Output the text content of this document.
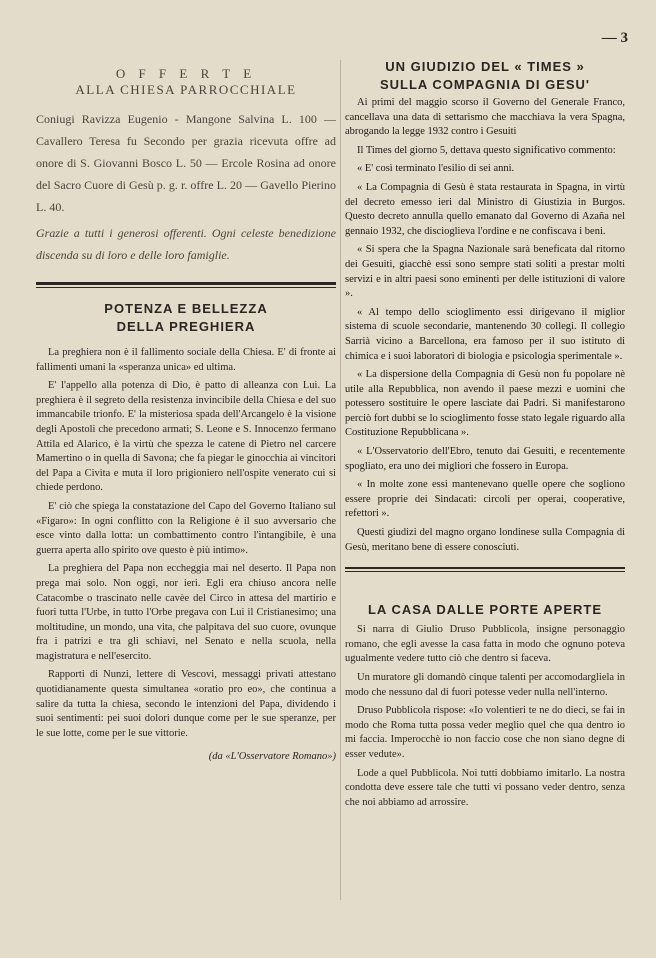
— 3
O F F E R T E
ALLA CHIESA PARROCCHIALE

Coniugi Ravizza Eugenio - Mangone Salvina L. 100 — Cavallero Teresa fu Secondo per grazia ricevuta offre ad onore di S. Giovanni Bosco L. 50 — Ercole Rosina ad onore del Sacro Cuore di Gesù p. g. r. offre L. 20 — Gavello Pierino L. 40.

Grazie a tutti i generosi offerenti. Ogni celeste benedizione discenda su di loro e delle loro famiglie.

POTENZA E BELLEZZA
DELLA PREGHIERA

La preghiera non è il fallimento sociale della Chiesa. E' di fronte ai fallimenti umani la «speranza unica» ed ultima.

E' l'appello alla potenza di Dio, è patto di alleanza con Lui. La preghiera è il segreto della resistenza invincibile della Chiesa e del suo immancabile trionfo. E' la misteriosa spada dell'Arcangelo è la visione degli Apostoli che precedono armati; S. Leone e S. Innocenzo fermano Attila ed Alarico, è la virtù che spezza le catene di Pietro nel carcere Mamertino o in quella di Savona; che fa piegar le ginocchia ai vincitori del Papa a Civita e muta il loro prigioniero nell'ospite venerato cui si chiede perdono.

E' ciò che spiega la constatazione del Capo del Governo Italiano sul «Figaro»: In ogni conflitto con la Religione è il suo avversario che esce vinto dalla lotta: un combattimento contro l'intangibile, è una guerra aperta allo spirito ove questo è più intimo».

La preghiera del Papa non eccheggia mai nel deserto. Il Papa non prega mai solo. Non oggi, nor ieri. Egli era chiuso ancora nelle Catacombe o trascinato nelle cavèe del Circo in attesa del martirio e fuori tutta l'Urbe, in tutto l'Orbe pregava con Lui il Cristianesimo; una moltitudine, un mondo, una vita, che palpitava del suo cuore, ovunque fra i patrizi e tra gli schiavi, nel Senato e nella scuola, nella magistratura e nell'esercito.

Rapporti di Nunzi, lettere di Vescovi, messaggi privati attestano quotidianamente questa simultanea «oratio pro eo», che continua a salire da tutta la chiesa, secondo le intenzioni del Papa, dividendo i suoi sentimenti: pei suoi dolori dunque come per le sue speranze, per le sue lotte, come per le sue vittorie.

(da «L'Osservatore Romano»)
UN GIUDIZIO DEL « TIMES »
SULLA COMPAGNIA DI GESU'

Ai primi del maggio scorso il Governo del Generale Franco, cancellava una data di settarismo che macchiava la vera Spagna, abrogando la legge 1932 contro i Gesuiti

Il Times del giorno 5, dettava questo significativo commento:

« E' così terminato l'esilio di sei anni.

« La Compagnia di Gesù è stata restaurata in Spagna, in virtù del decreto emesso ieri dal Ministro di Giustizia in Burgos. Questo decreto annulla quello emanato dal Governo di Azaña nel gennaio 1932, che discioglieva l'ordine e ne confiscava i beni.

« Si spera che la Spagna Nazionale sarà beneficata dal ritorno dei Gesuiti, giacchè essi sono sempre stati soliti a prestar molti servizi e in altri paesi sono eminenti per delle istituzioni di valore ».

« Al tempo dello scioglimento essi dirigevano il miglior sistema di scuole secondarie, mantenendo 30 collegi. Il collegio Sarrià vicino a Barcellona, era famoso per il suo istituto di chimica e i suoi laboratori di biologia e psicologia sperimentale ».

« La dispersione della Compagnia di Gesù non fu popolare nè utile alla Repubblica, non avendo il paese mezzi e uomini che potessero sostituire le opere lasciate dai Padri. Si manifestarono perciò fort dubbi se lo scioglimento fosse stato legale riguardo alla Costituzione Repubblicana ».

« L'Osservatorio dell'Ebro, tenuto dai Gesuiti, e recentemente spogliato, era uno dei migliori che fossero in Europa.

« In molte zone essi mantenevano quelle opere che sogliono essere proprie dei Sindacati: circoli per operai, cooperative, refettori ».

Questi giudizi del magno organo londinese sulla Compagnia di Gesù, meritano bene di essere conosciuti.

LA CASA DALLE PORTE APERTE

Si narra di Giulio Druso Pubblicola, insigne personaggio romano, che egli avesse la casa fatta in modo che ognuno poteva ugualmente vedere tutto ciò che dentro si faceva.

Un muratore gli domandò cinque talenti per accomodargliela in modo che nessuno dal di fuori potesse veder nulla nell'interno.

Druso Pubblicola rispose: «Io volentieri te ne do dieci, se fai in modo che Roma tutta possa veder meglio quel che qua dentro io mi faccia. Imperocchè io non faccio cose che non siano degne di esser vedute».

Lode a quel Pubblicola. Noi tutti dobbiamo imitarlo. La nostra condotta deve essere tale che tutti vi possano veder dentro, senza che noi abbiamo ad arrossire.
